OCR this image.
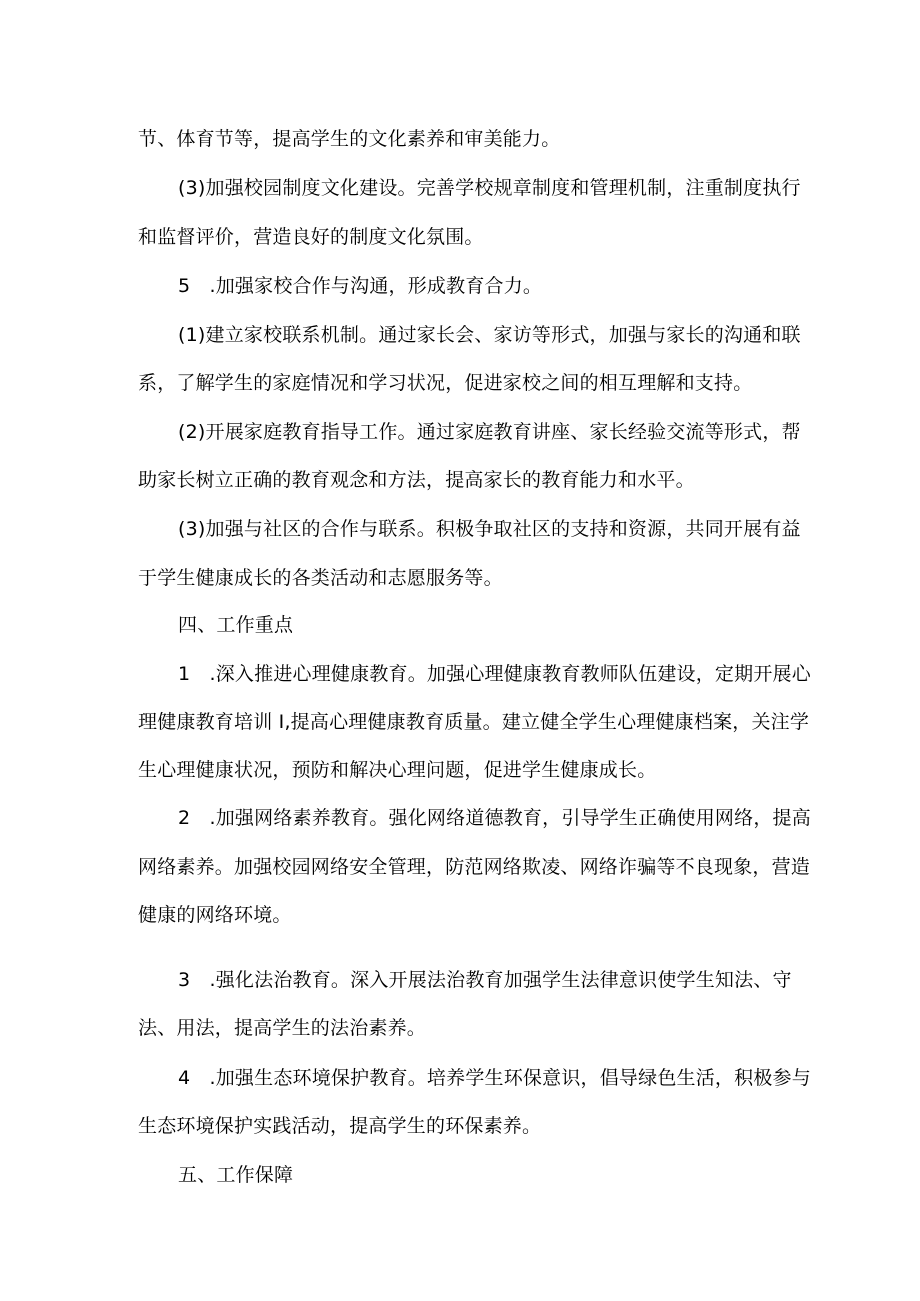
节、体育节等，提高学生的文化素养和审美能力。
(3)加强校园制度文化建设。完善学校规章制度和管理机制，注重制度执行
和监督评价，营造良好的制度文化氛围。
5　.加强家校合作与沟通，形成教育合力。
(1)建立家校联系机制。通过家长会、家访等形式，加强与家长的沟通和联
系，了解学生的家庭情况和学习状况，促进家校之间的相互理解和支持。
(2)开展家庭教育指导工作。通过家庭教育讲座、家长经验交流等形式，帮
助家长树立正确的教育观念和方法，提高家长的教育能力和水平。
(3)加强与社区的合作与联系。积极争取社区的支持和资源，共同开展有益
于学生健康成长的各类活动和志愿服务等。
四、工作重点
1　.深入推进心理健康教育。加强心理健康教育教师队伍建设，定期开展心
理健康教育培训 I,提高心理健康教育质量。建立健全学生心理健康档案，关注学
生心理健康状况，预防和解决心理问题，促进学生健康成长。
2　.加强网络素养教育。强化网络道德教育，引导学生正确使用网络，提高
网络素养。加强校园网络安全管理，防范网络欺凌、网络诈骗等不良现象，营造
健康的网络环境。
3　.强化法治教育。深入开展法治教育加强学生法律意识使学生知法、守
法、用法，提高学生的法治素养。
4　.加强生态环境保护教育。培养学生环保意识，倡导绿色生活，积极参与
生态环境保护实践活动，提高学生的环保素养。
五、工作保障
